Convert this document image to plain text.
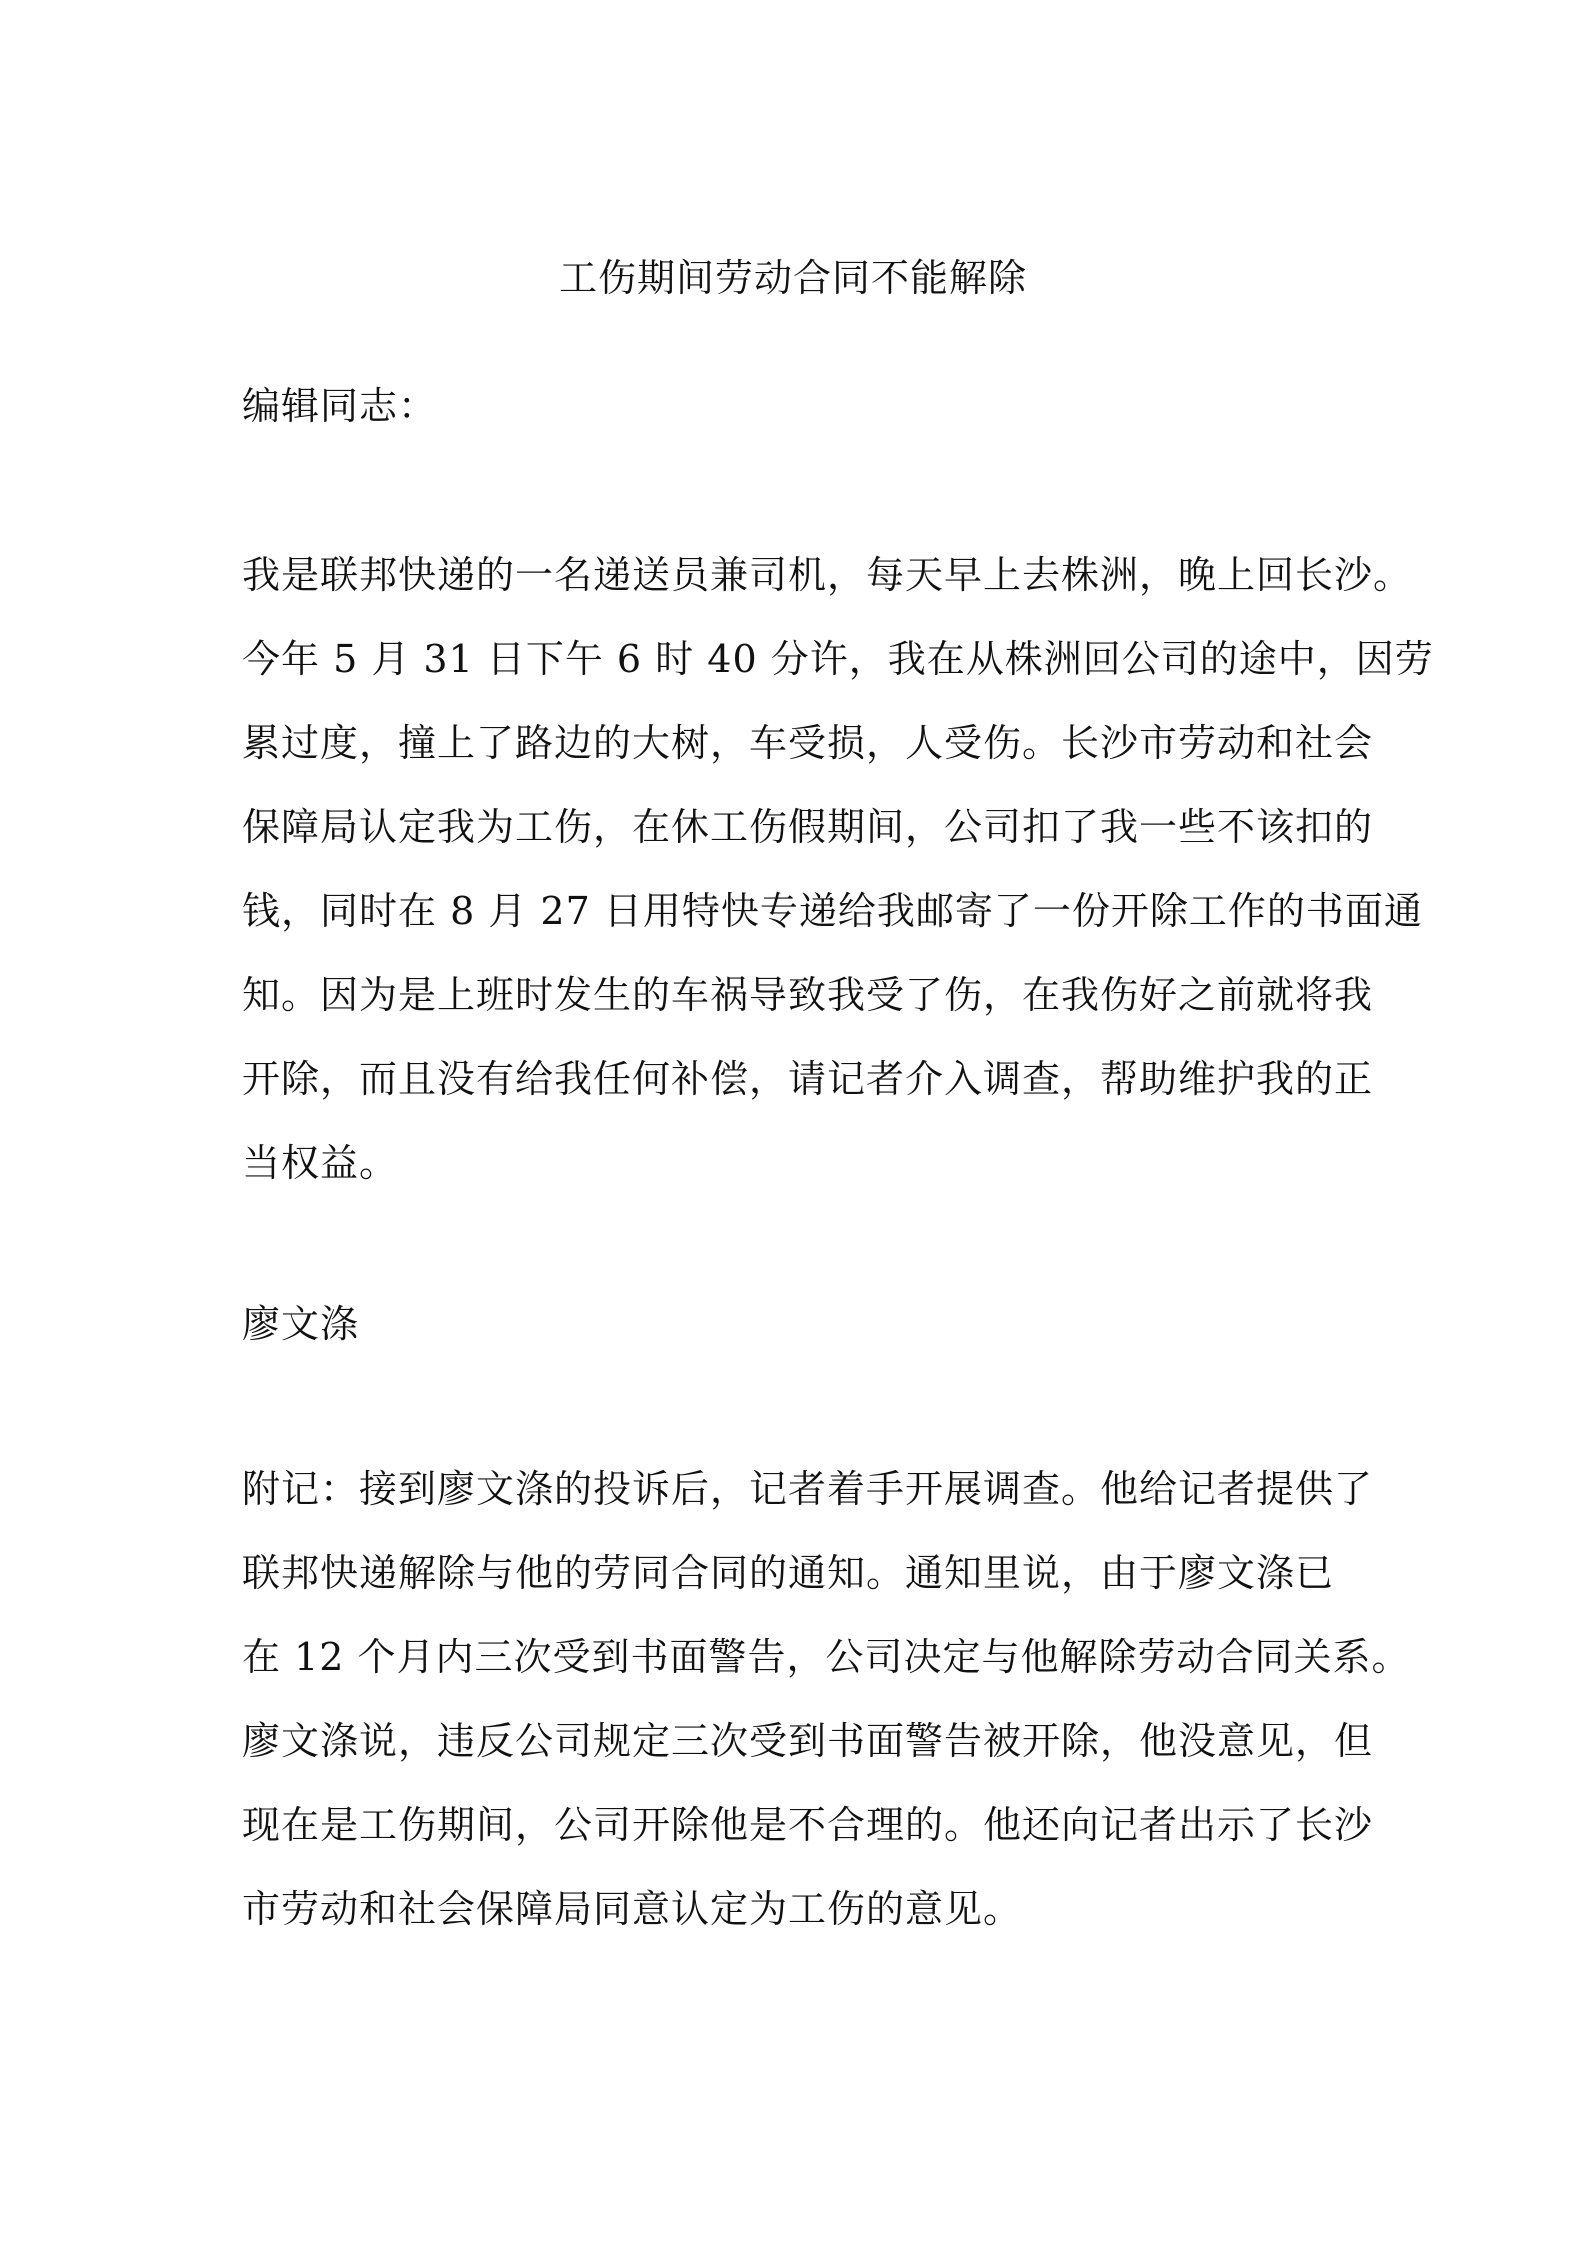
工伤期间劳动合同不能解除
编辑同志：
我是联邦快递的一名递送员兼司机，每天早上去株洲，晚上回长沙。
今年 5 月 31 日下午 6 时 40 分许，我在从株洲回公司的途中，因劳
累过度，撞上了路边的大树，车受损，人受伤。长沙市劳动和社会
保障局认定我为工伤，在休工伤假期间，公司扣了我一些不该扣的
钱，同时在 8 月 27 日用特快专递给我邮寄了一份开除工作的书面通
知。因为是上班时发生的车祸导致我受了伤，在我伤好之前就将我
开除，而且没有给我任何补偿，请记者介入调查，帮助维护我的正
当权益。
廖文涤
附记：接到廖文涤的投诉后，记者着手开展调查。他给记者提供了
联邦快递解除与他的劳同合同的通知。通知里说，由于廖文涤已
在 12 个月内三次受到书面警告，公司决定与他解除劳动合同关系。
廖文涤说，违反公司规定三次受到书面警告被开除，他没意见，但
现在是工伤期间，公司开除他是不合理的。他还向记者出示了长沙
市劳动和社会保障局同意认定为工伤的意见。
